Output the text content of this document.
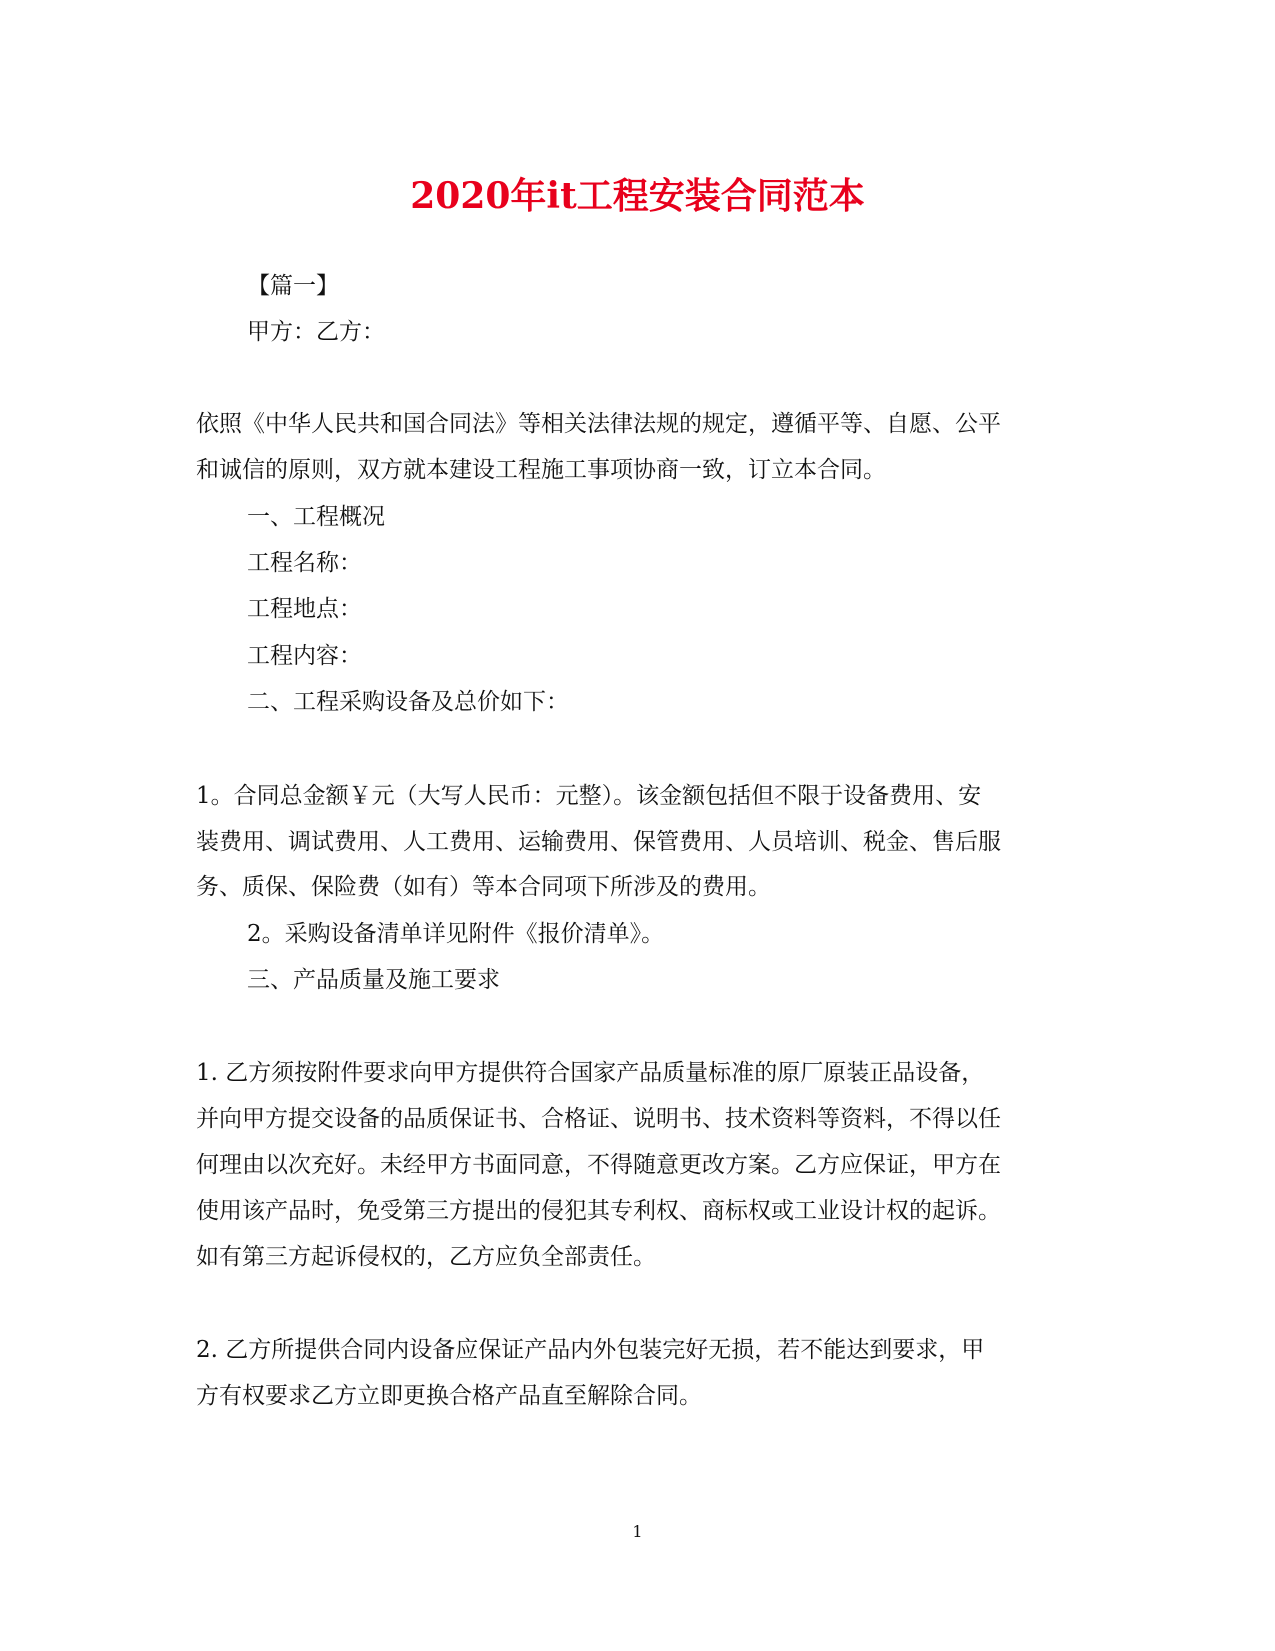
2020年it工程安装合同范本
【篇一】
甲方：乙方：
依照《中华人民共和国合同法》等相关法律法规的规定，遵循平等、自愿、公平
和诚信的原则，双方就本建设工程施工事项协商一致，订立本合同。
一、工程概况
工程名称：
工程地点：
工程内容：
二、工程采购设备及总价如下：
1。合同总金额￥元（大写人民币：元整）。该金额包括但不限于设备费用、安
装费用、调试费用、人工费用、运输费用、保管费用、人员培训、税金、售后服
务、质保、保险费（如有）等本合同项下所涉及的费用。
2。采购设备清单详见附件《报价清单》。
三、产品质量及施工要求
1. 乙方须按附件要求向甲方提供符合国家产品质量标准的原厂原装正品设备，
并向甲方提交设备的品质保证书、合格证、说明书、技术资料等资料，不得以任
何理由以次充好。未经甲方书面同意，不得随意更改方案。乙方应保证，甲方在
使用该产品时，免受第三方提出的侵犯其专利权、商标权或工业设计权的起诉。
如有第三方起诉侵权的，乙方应负全部责任。
2. 乙方所提供合同内设备应保证产品内外包装完好无损，若不能达到要求，甲
方有权要求乙方立即更换合格产品直至解除合同。
1
